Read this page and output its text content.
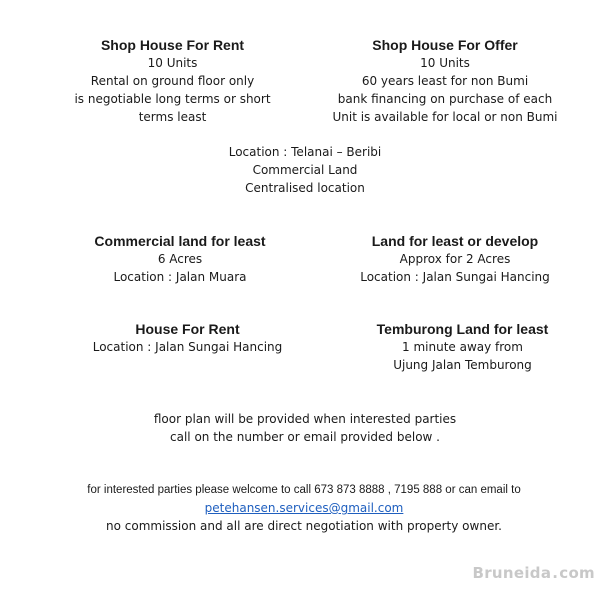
Shop House For Rent
10 Units
Rental on ground floor only
is negotiable long terms or short
terms least
Shop House For Offer
10 Units
60 years least for non Bumi
bank financing on purchase of each
Unit is available for local or non Bumi
Location : Telanai – Beribi
Commercial Land
Centralised location
Commercial land for least
6 Acres
Location : Jalan Muara
Land for least or develop
Approx for 2 Acres
Location : Jalan Sungai Hancing
House For Rent
Location : Jalan Sungai Hancing
Temburong Land for least
1 minute away from
Ujung Jalan Temburong
floor plan will be provided when interested parties
call on the number or email provided below .
for interested parties please welcome to call 673 873 8888 , 7195 888 or can email to
petehansen.services@gmail.com
no commission and all are direct negotiation with property owner.
Bruneida.com
